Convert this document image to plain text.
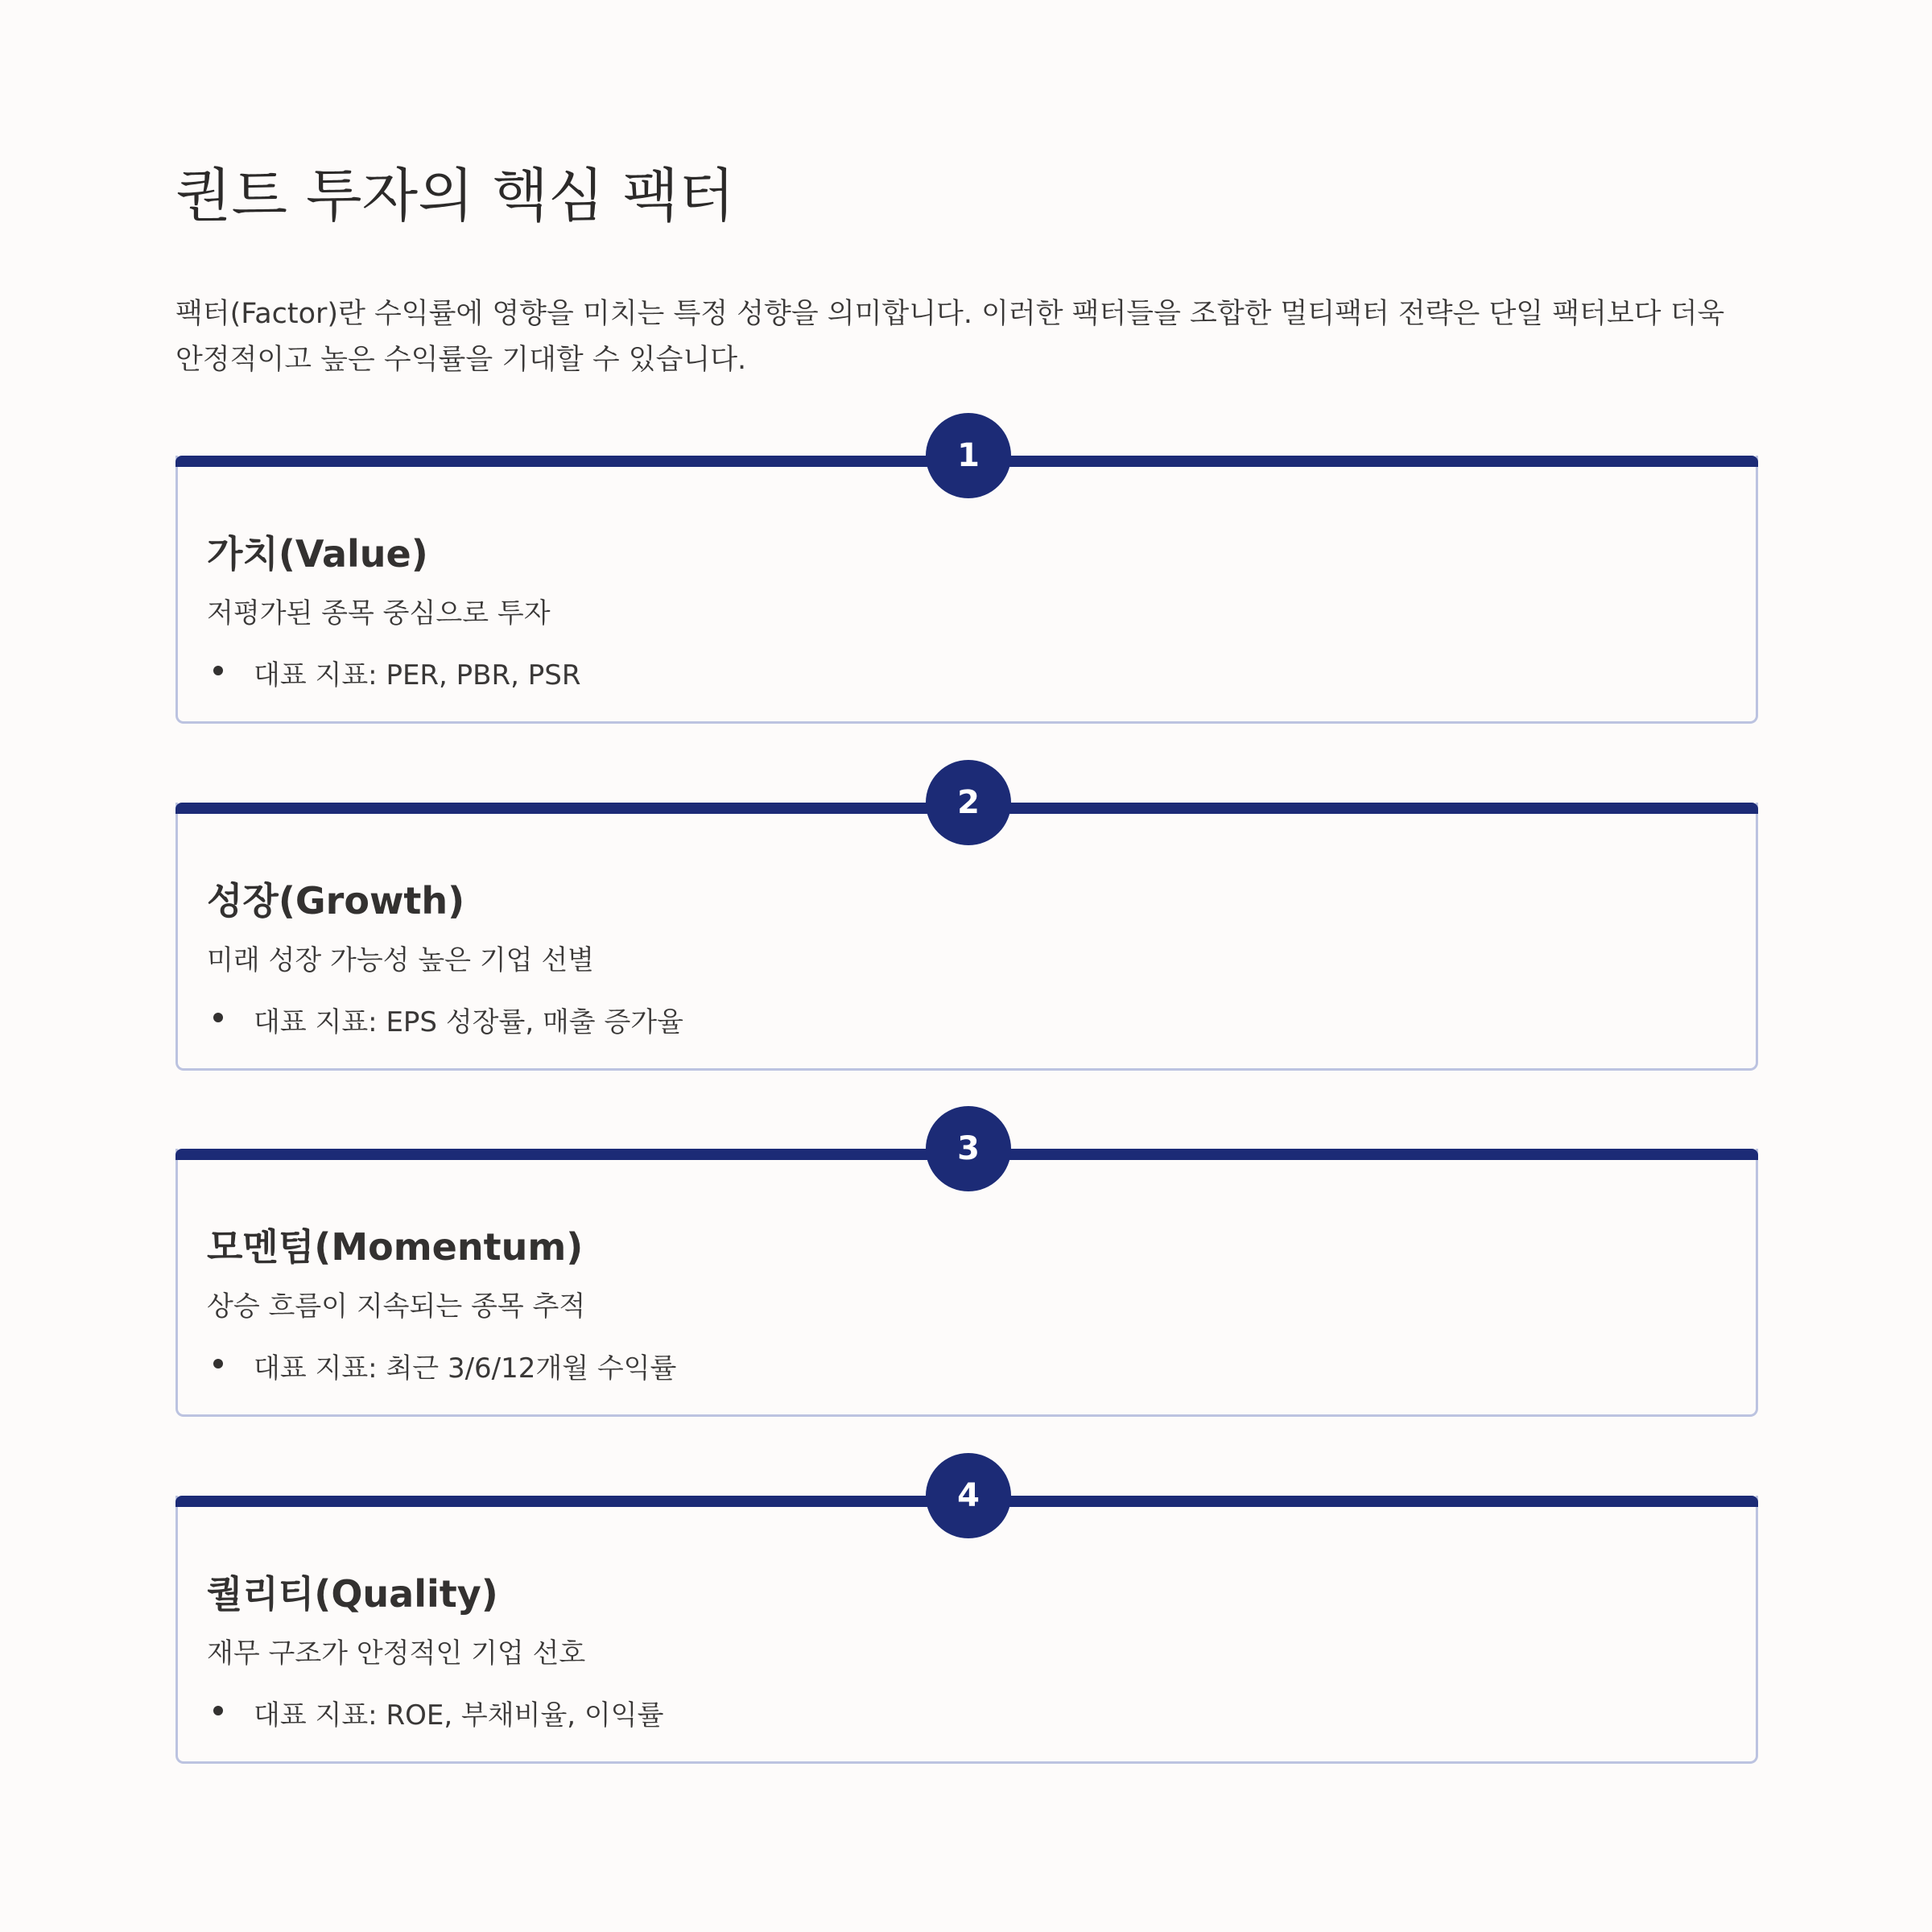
퀀트 투자의 핵심 팩터

팩터(Factor)란 수익률에 영향을 미치는 특정 성향을 의미합니다. 이러한 팩터들을 조합한 멀티팩터 전략은 단일 팩터보다 더욱 안정적이고 높은 수익률을 기대할 수 있습니다.

1
가치(Value)

저평가된 종목 중심으로 투자

대표 지표: PER, PBR, PSR
2
성장(Growth)

미래 성장 가능성 높은 기업 선별

대표 지표: EPS 성장률, 매출 증가율
3
모멘텀(Momentum)

상승 흐름이 지속되는 종목 추적

대표 지표: 최근 3/6/12개월 수익률
4
퀄리티(Quality)

재무 구조가 안정적인 기업 선호

대표 지표: ROE, 부채비율, 이익률
